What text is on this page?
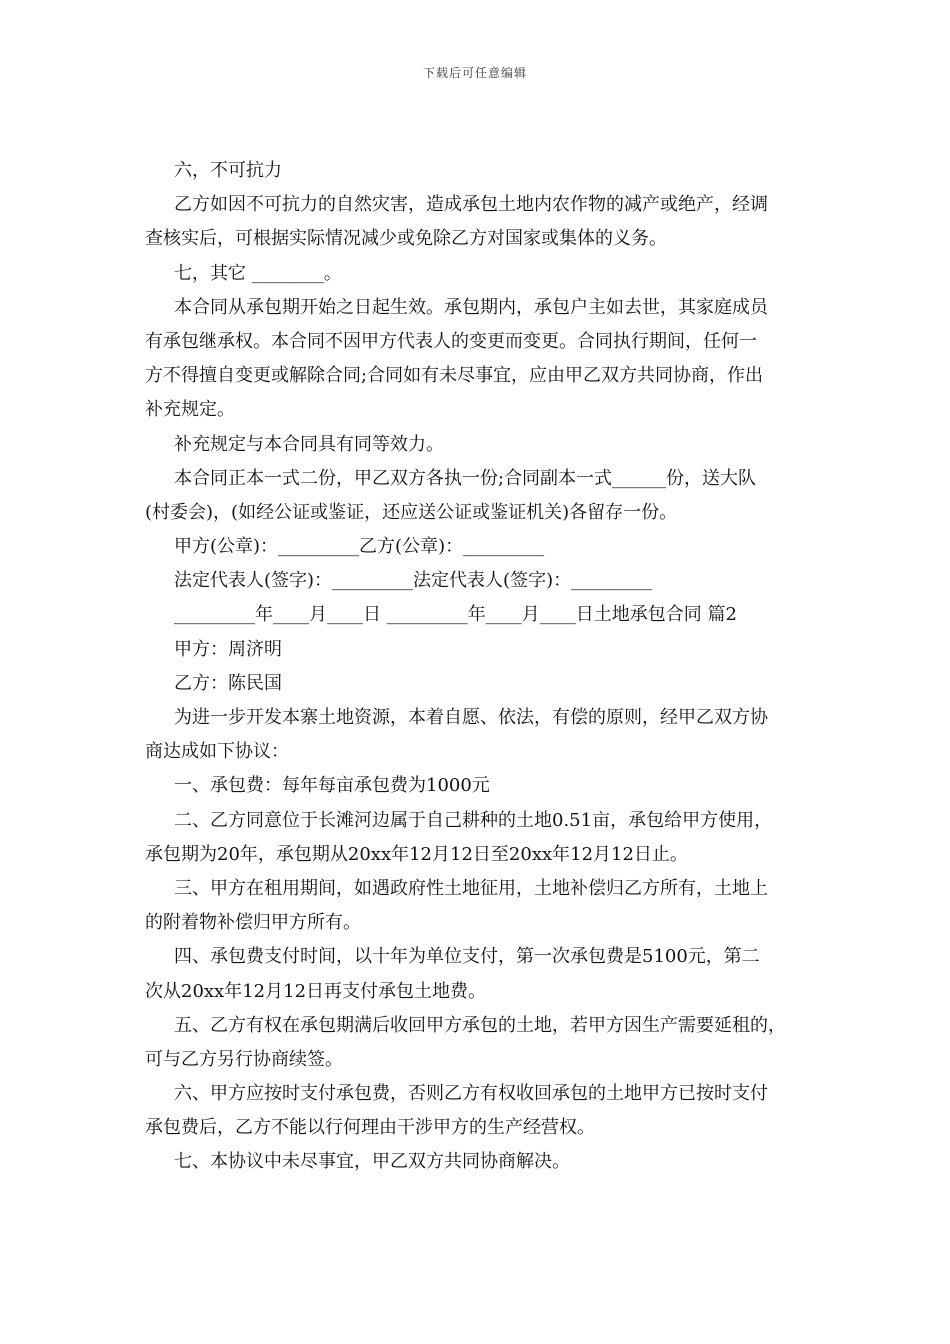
下载后可任意编辑
六，不可抗力
乙方如因不可抗力的自然灾害，造成承包土地内农作物的减产或绝产，经调
查核实后，可根据实际情况减少或免除乙方对国家或集体的义务。
七，其它 ________。
本合同从承包期开始之日起生效。承包期内，承包户主如去世，其家庭成员
有承包继承权。本合同不因甲方代表人的变更而变更。合同执行期间，任何一
方不得擅自变更或解除合同;合同如有未尽事宜，应由甲乙双方共同协商，作出
补充规定。
补充规定与本合同具有同等效力。
本合同正本一式二份，甲乙双方各执一份;合同副本一式______份，送大队
(村委会)，(如经公证或鉴证，还应送公证或鉴证机关)各留存一份。
甲方(公章)：_________乙方(公章)：_________
法定代表人(签字)：_________法定代表人(签字)：_________
_________年____月____日 _________年____月____日土地承包合同 篇2
甲方：周济明
乙方：陈民国
为进一步开发本寨土地资源，本着自愿、依法，有偿的原则，经甲乙双方协
商达成如下协议：
一、承包费：每年每亩承包费为1000元
二、乙方同意位于长滩河边属于自己耕种的土地0.51亩，承包给甲方使用，
承包期为20年，承包期从20xx年12月12日至20xx年12月12日止。
三、甲方在租用期间，如遇政府性土地征用，土地补偿归乙方所有，土地上
的附着物补偿归甲方所有。
四、承包费支付时间，以十年为单位支付，第一次承包费是5100元，第二
次从20xx年12月12日再支付承包土地费。
五、乙方有权在承包期满后收回甲方承包的土地，若甲方因生产需要延租的，
可与乙方另行协商续签。
六、甲方应按时支付承包费，否则乙方有权收回承包的土地甲方已按时支付
承包费后，乙方不能以行何理由干涉甲方的生产经营权。
七、本协议中未尽事宜，甲乙双方共同协商解决。
